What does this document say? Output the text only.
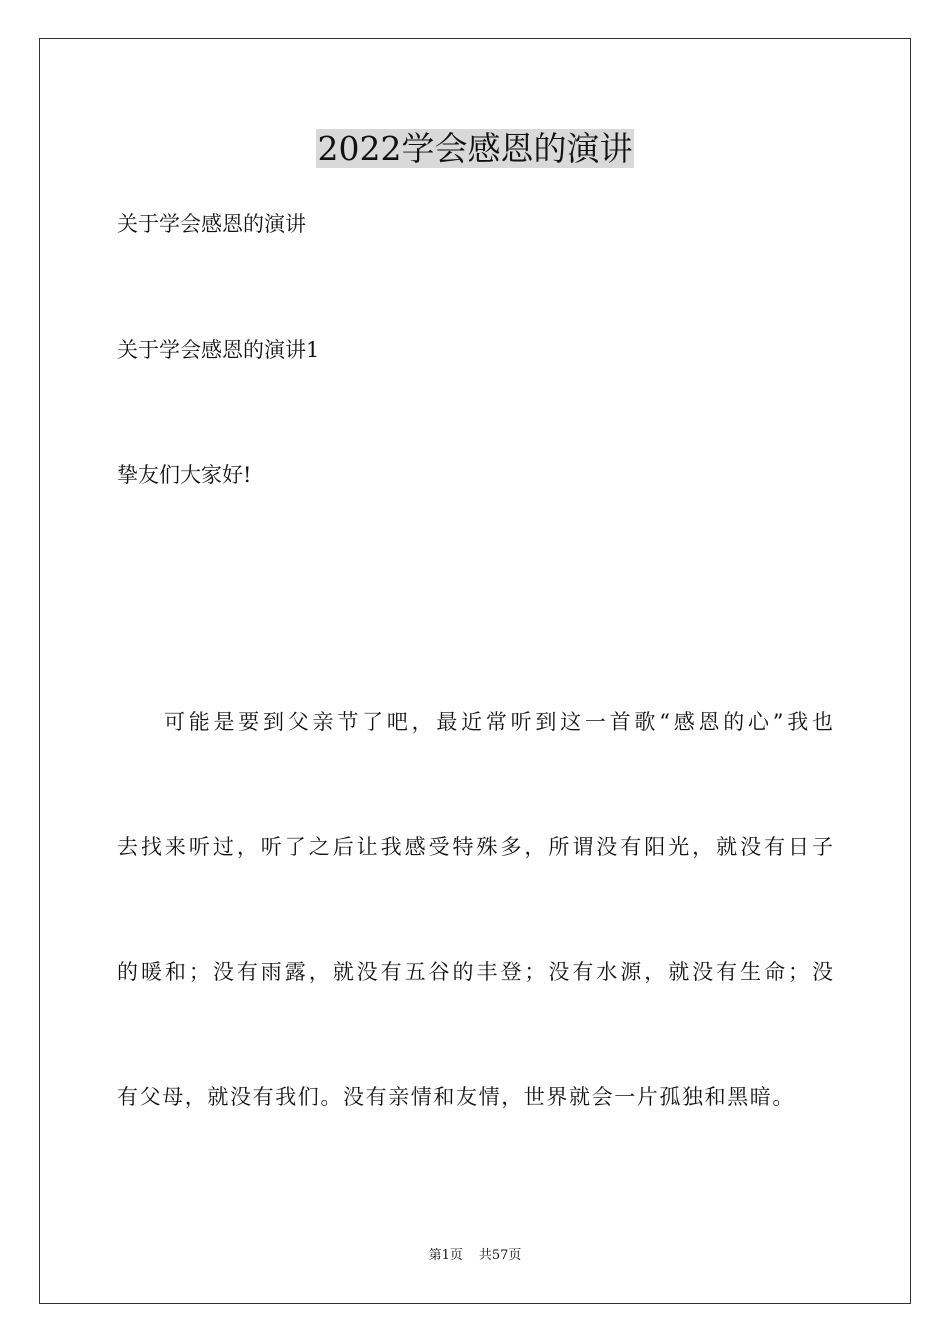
2022学会感恩的演讲

关于学会感恩的演讲

关于学会感恩的演讲1

挚友们大家好!

可能是要到父亲节了吧，最近常听到这一首歌“感恩的心”我也

去找来听过，听了之后让我感受特殊多，所谓没有阳光，就没有日子

的暖和；没有雨露，就没有五谷的丰登；没有水源，就没有生命；没

有父母，就没有我们。没有亲情和友情，世界就会一片孤独和黑暗。

第1页 共57页
